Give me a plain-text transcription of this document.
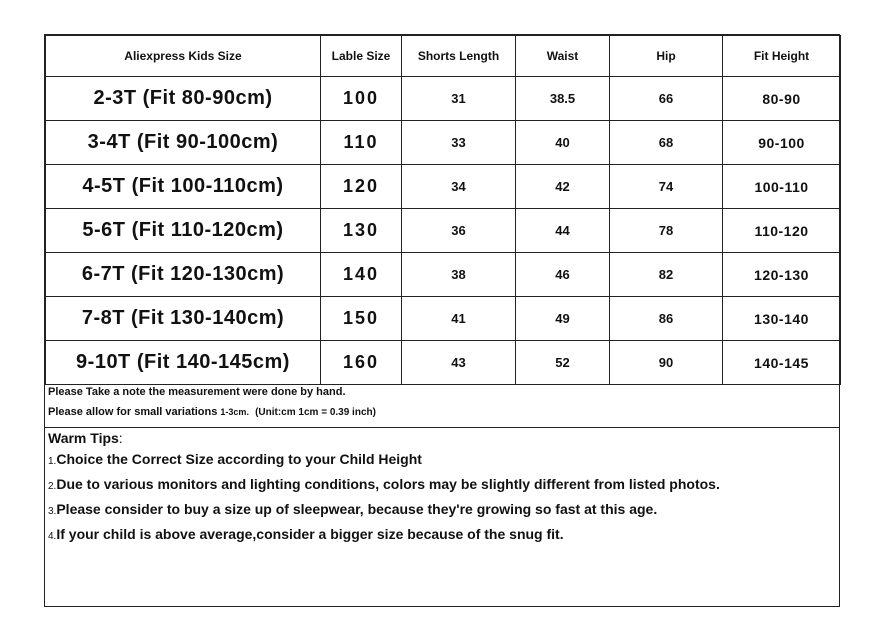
Aliexpress Kids Size	Lable Size	Shorts Length	Waist	Hip	Fit Height
2-3T (Fit 80-90cm)	100	31	38.5	66	80-90
3-4T (Fit 90-100cm)	110	33	40	68	90-100
4-5T (Fit 100-110cm)	120	34	42	74	100-110
5-6T (Fit 110-120cm)	130	36	44	78	110-120
6-7T (Fit 120-130cm)	140	38	46	82	120-130
7-8T (Fit 130-140cm)	150	41	49	86	130-140
9-10T (Fit 140-145cm)	160	43	52	90	140-145
Please Take a note the measurement were done by hand.
Please allow for small variations 1-3cm. (Unit:cm 1cm = 0.39 inch)
Warm Tips:
1.Choice the Correct Size according to your Child Height
2.Due to various monitors and lighting conditions, colors may be slightly different from listed photos.
3.Please consider to buy a size up of sleepwear, because they're growing so fast at this age.
4.If your child is above average,consider a bigger size because of the snug fit.
